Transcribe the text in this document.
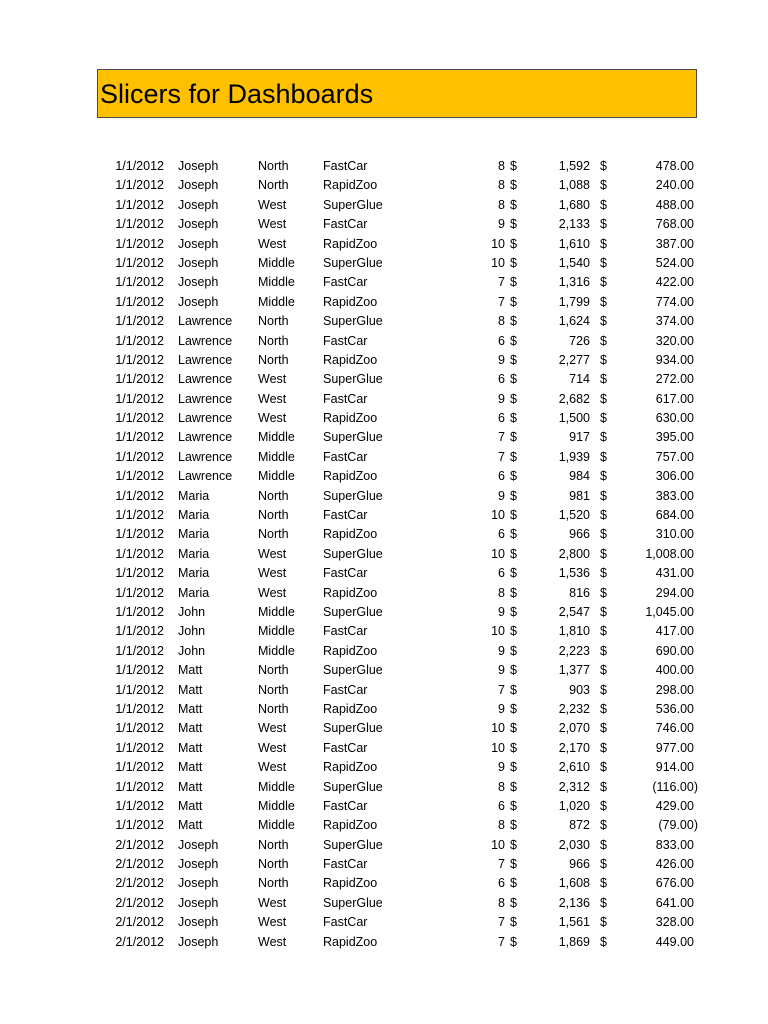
Slicers for Dashboards
1/1/2012 Joseph	North	FastCar	8 $	1,592 $	478.00
1/1/2012 Joseph	North	RapidZoo	8 $	1,088 $	240.00
1/1/2012 Joseph	West	SuperGlue	8 $	1,680 $	488.00
1/1/2012 Joseph	West	FastCar	9 $	2,133 $	768.00
1/1/2012 Joseph	West	RapidZoo	10 $	1,610 $	387.00
1/1/2012 Joseph	Middle SuperGlue	10 $	1,540 $	524.00
1/1/2012 Joseph	Middle FastCar	7 $	1,316 $	422.00
1/1/2012 Joseph	Middle RapidZoo	7 $	1,799 $	774.00
1/1/2012 Lawrence North	SuperGlue	8 $	1,624 $	374.00
1/1/2012 Lawrence North	FastCar	6 $	726 $	320.00
1/1/2012 Lawrence North	RapidZoo	9 $	2,277 $	934.00
1/1/2012 Lawrence West	SuperGlue	6 $	714 $	272.00
1/1/2012 Lawrence West	FastCar	9 $	2,682 $	617.00
1/1/2012 Lawrence West	RapidZoo	6 $	1,500 $	630.00
1/1/2012 Lawrence Middle SuperGlue	7 $	917 $	395.00
1/1/2012 Lawrence Middle FastCar	7 $	1,939 $	757.00
1/1/2012 Lawrence Middle RapidZoo	6 $	984 $	306.00
1/1/2012 Maria	North	SuperGlue	9 $	981 $	383.00
1/1/2012 Maria	North	FastCar	10 $	1,520 $	684.00
1/1/2012 Maria	North	RapidZoo	6 $	966 $	310.00
1/1/2012 Maria	West	SuperGlue	10 $	2,800 $	1,008.00
1/1/2012 Maria	West	FastCar	6 $	1,536 $	431.00
1/1/2012 Maria	West	RapidZoo	8 $	816 $	294.00
1/1/2012 John	Middle SuperGlue	9 $	2,547 $	1,045.00
1/1/2012 John	Middle FastCar	10 $	1,810 $	417.00
1/1/2012 John	Middle RapidZoo	9 $	2,223 $	690.00
1/1/2012 Matt	North	SuperGlue	9 $	1,377 $	400.00
1/1/2012 Matt	North	FastCar	7 $	903 $	298.00
1/1/2012 Matt	North	RapidZoo	9 $	2,232 $	536.00
1/1/2012 Matt	West	SuperGlue	10 $	2,070 $	746.00
1/1/2012 Matt	West	FastCar	10 $	2,170 $	977.00
1/1/2012 Matt	West	RapidZoo	9 $	2,610 $	914.00
1/1/2012 Matt	Middle SuperGlue	8 $	2,312 $	(116.00)
1/1/2012 Matt	Middle FastCar	6 $	1,020 $	429.00
1/1/2012 Matt	Middle RapidZoo	8 $	872 $	(79.00)
2/1/2012 Joseph	North	SuperGlue	10 $	2,030 $	833.00
2/1/2012 Joseph	North	FastCar	7 $	966 $	426.00
2/1/2012 Joseph	North	RapidZoo	6 $	1,608 $	676.00
2/1/2012 Joseph	West	SuperGlue	8 $	2,136 $	641.00
2/1/2012 Joseph	West	FastCar	7 $	1,561 $	328.00
2/1/2012 Joseph	West	RapidZoo	7 $	1,869 $	449.00
